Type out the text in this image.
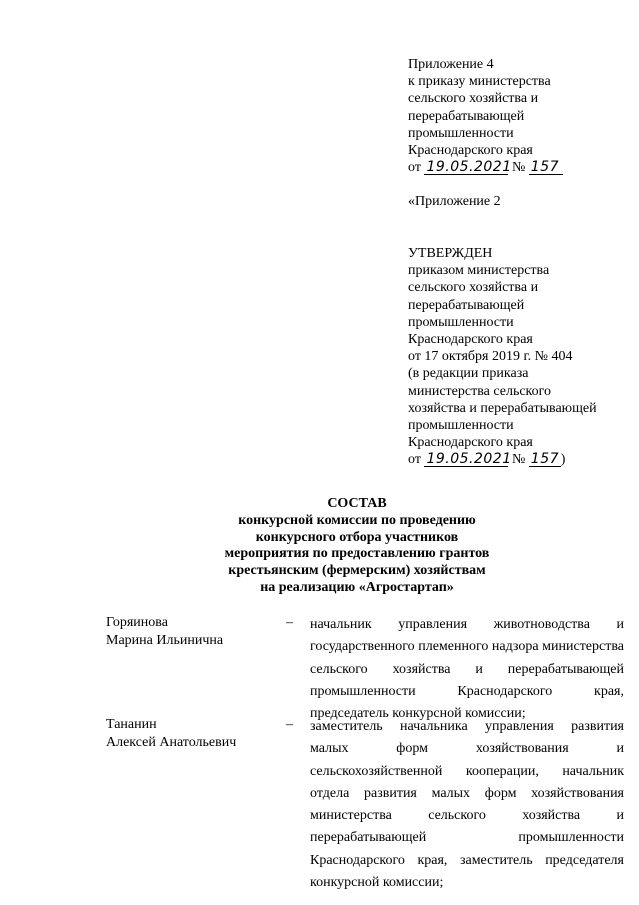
Приложение 4
к приказу министерства
сельского хозяйства и
перерабатывающей
промышленности
Краснодарского края
от 19.05.2021 № 157
«Приложение 2
УТВЕРЖДЕН
приказом министерства
сельского хозяйства и
перерабатывающей
промышленности
Краснодарского края
от 17 октября 2019 г. № 404
(в редакции приказа
министерства сельского
хозяйства и перерабатывающей
промышленности
Краснодарского края
от 19.05.2021 № 157 )
СОСТАВ
конкурсной комиссии по проведению
конкурсного отбора участников
мероприятия по предоставлению грантов
крестьянским (фермерским) хозяйствам
на реализацию «Агростартап»
Горяинова
Марина Ильинична
–	начальник управления животноводства и государственного племенного надзора министерства сельского хозяйства и перерабатывающей промышленности Краснодарского края, председатель конкурсной комиссии;
Тананин
Алексей Анатольевич
–	заместитель начальника управления развития малых форм хозяйствования и сельскохозяйственной кооперации, начальник отдела развития малых форм хозяйствования министерства сельского хозяйства и перерабатывающей промышленности Краснодарского края, заместитель председателя конкурсной комиссии;
